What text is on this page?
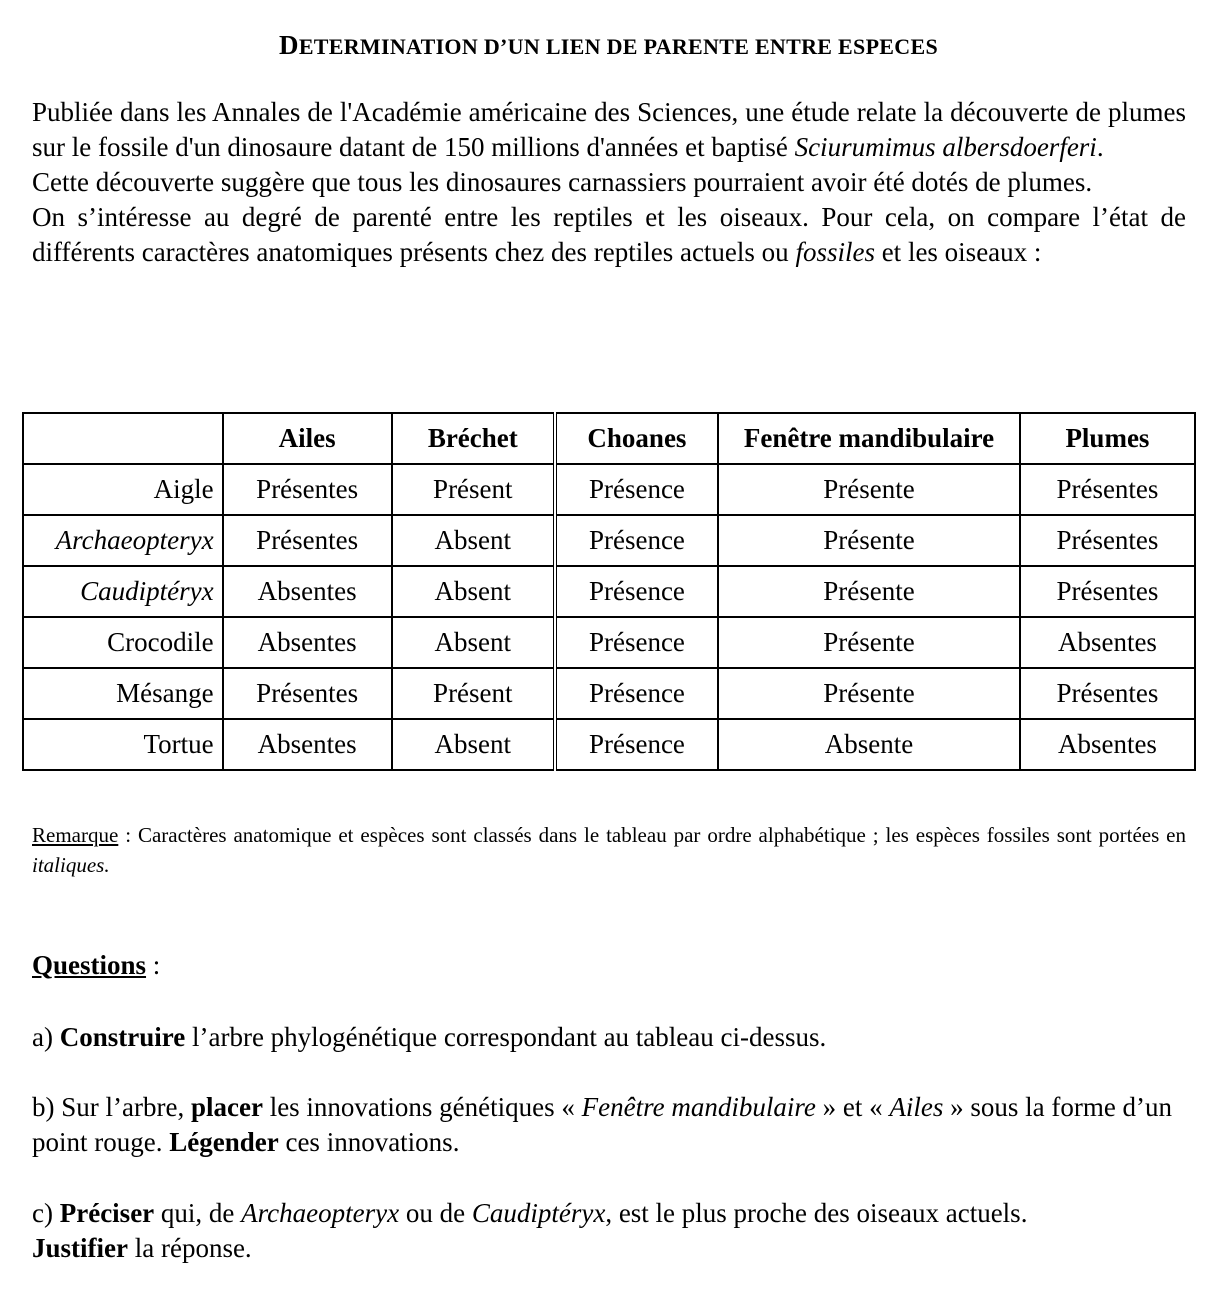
DETERMINATION D’UN LIEN DE PARENTE ENTRE ESPECES

Publiée dans les Annales de l'Académie américaine des Sciences, une étude relate la découverte de plumes sur le fossile d'un dinosaure datant de 150 millions d'années et baptisé Sciurumimus albersdoerferi.

Cette découverte suggère que tous les dinosaures carnassiers pourraient avoir été dotés de plumes.

On s’intéresse au degré de parenté entre les reptiles et les oiseaux. Pour cela, on compare l’état de différents caractères anatomiques présents chez des reptiles actuels ou fossiles et les oiseaux :

	Ailes	Bréchet	Choanes	Fenêtre mandibulaire	Plumes
Aigle	Présentes	Présent	Présence	Présente	Présentes
Archaeopteryx	Présentes	Absent	Présence	Présente	Présentes
Caudiptéryx	Absentes	Absent	Présence	Présente	Présentes
Crocodile	Absentes	Absent	Présence	Présente	Absentes
Mésange	Présentes	Présent	Présence	Présente	Présentes
Tortue	Absentes	Absent	Présence	Absente	Absentes
Remarque : Caractères anatomique et espèces sont classés dans le tableau par ordre alphabétique ; les espèces fossiles sont portées en italiques.
Questions :
a) Construire l’arbre phylogénétique correspondant au tableau ci-dessus.
b) Sur l’arbre, placer les innovations génétiques « Fenêtre mandibulaire » et « Ailes » sous la forme d’un point rouge. Légender ces innovations.
c) Préciser qui, de Archaeopteryx ou de Caudiptéryx, est le plus proche des oiseaux actuels.
Justifier la réponse.
